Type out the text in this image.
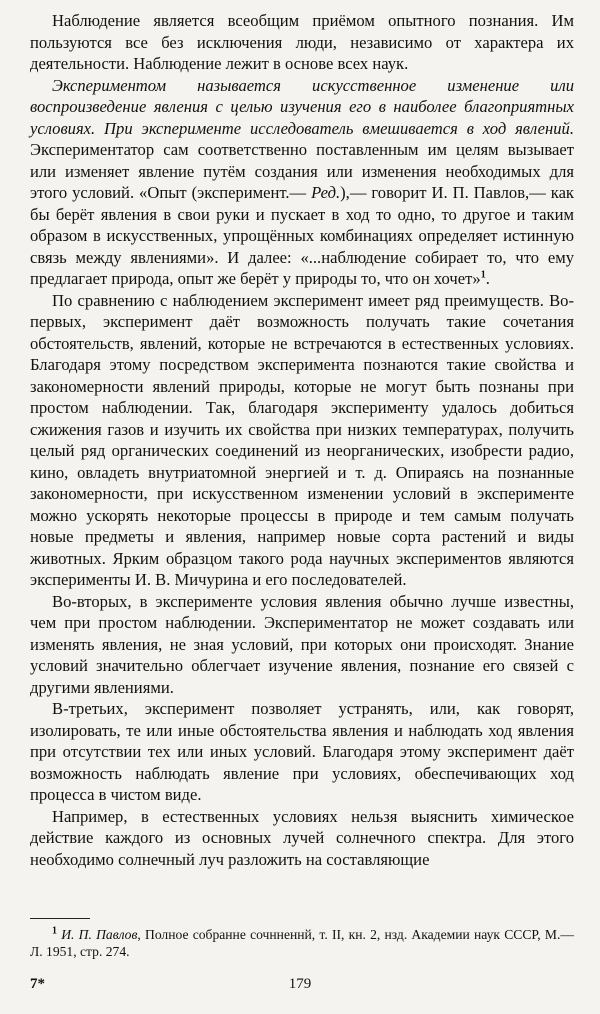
Наблюдение является всеобщим приёмом опытного познания. Им пользуются все без исключения люди, независимо от характера их деятельности. Наблюдение лежит в основе всех наук.

Экспериментом называется искусственное изменение или воспроизведение явления с целью изучения его в наиболее благоприятных условиях. При эксперименте исследователь вмешивается в ход явлений. Экспериментатор сам соответственно поставленным им целям вызывает или изменяет явление путём создания или изменения необходимых для этого условий. «Опыт (эксперимент.— Ред.),— говорит И. П. Павлов,— как бы берёт явления в свои руки и пускает в ход то одно, то другое и таким образом в искусственных, упрощённых комбинациях определяет истинную связь между явлениями». И далее: «...наблюдение собирает то, что ему предлагает природа, опыт же берёт у природы то, что он хочет»$^1$.

По сравнению с наблюдением эксперимент имеет ряд преимуществ. Во-первых, эксперимент даёт возможность получать такие сочетания обстоятельств, явлений, которые не встречаются в естественных условиях. Благодаря этому посредством эксперимента познаются такие свойства и закономерности явлений природы, которые не могут быть познаны при простом наблюдении. Так, благодаря эксперименту удалось добиться сжижения газов и изучить их свойства при низких температурах, получить целый ряд органических соединений из неорганических, изобрести радио, кино, овладеть внутриатомной энергией и т. д. Опираясь на познанные закономерности, при искусственном изменении условий в эксперименте можно ускорять некоторые процессы в природе и тем самым получать новые предметы и явления, например новые сорта растений и виды животных. Ярким образцом такого рода научных экспериментов являются эксперименты И. В. Мичурина и его последователей.

Во-вторых, в эксперименте условия явления обычно лучше известны, чем при простом наблюдении. Экспериментатор не может создавать или изменять явления, не зная условий, при которых они происходят. Знание условий значительно облегчает изучение явления, познание его связей с другими явлениями.

В-третьих, эксперимент позволяет устранять, или, как говорят, изолировать, те или иные обстоятельства явления и наблюдать ход явления при отсутствии тех или иных условий. Благодаря этому эксперимент даёт возможность наблюдать явление при условиях, обеспечивающих ход процесса в чистом виде.

Например, в естественных условиях нельзя выяснить химическое действие каждого из основных лучей солнечного спектра. Для этого необходимо солнечный луч разложить на составляющие

$^1$ И. П. Павлов, Полное собранне сочнненнй, т. II, кн. 2, нзд. Академии наук СССР, М.—Л. 1951, стр. 274.
7*	179
